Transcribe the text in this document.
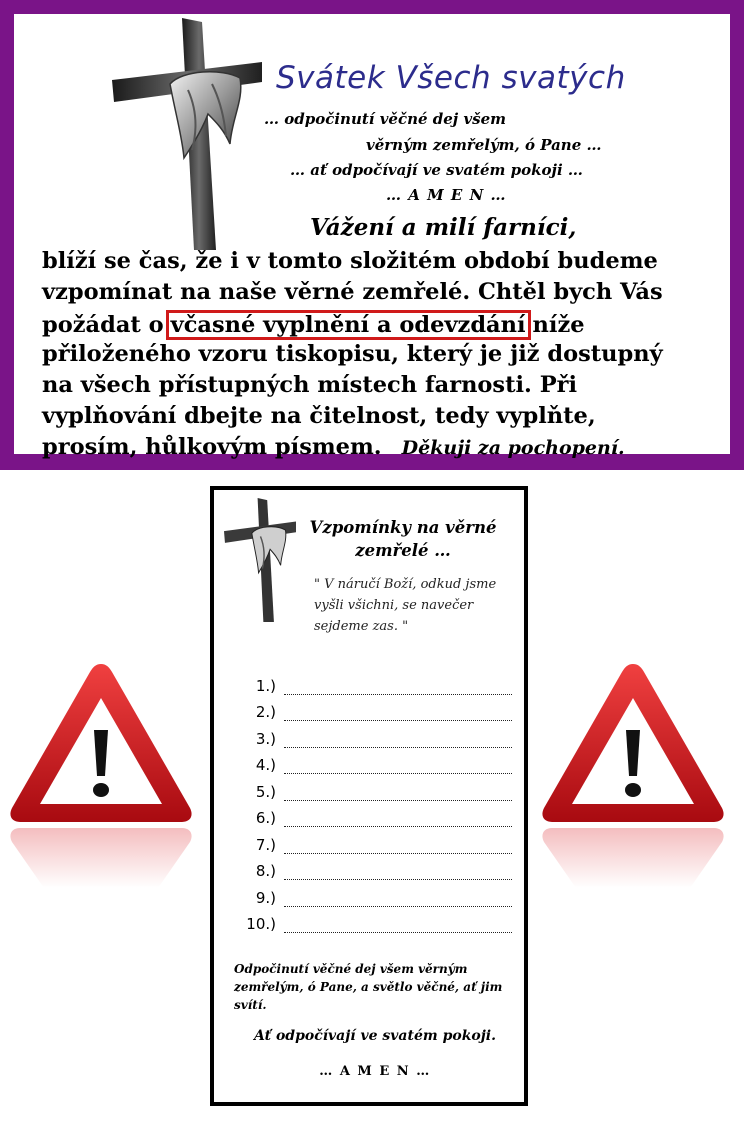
Svátek Všech svatých
… odpočinutí věčné dej všem
věrným zemřelým, ó Pane …
… ať odpočívají ve svatém pokoji …
… A M E N …
Vážení a milí farníci,
blíží se čas, že i v tomto složitém období budeme
vzpomínat na naše věrné zemřelé. Chtěl bych Vás
požádat o včasné vyplnění a odevzdání níže
přiloženého vzoru tiskopisu, který je již dostupný
na všech přístupných místech farnosti. Při
vyplňování dbejte na čitelnost, tedy vyplňte,
prosím, hůlkovým písmem. Děkuji za pochopení.
Vzpomínky na věrné zemřelé …
" V náručí Boží, odkud jsme vyšli všichni, se navečer sejdeme zas. "
1.)
2.)
3.)
4.)
5.)
6.)
7.)
8.)
9.)
10.)
Odpočinutí věčné dej všem věrným zemřelým, ó Pane, a světlo věčné, ať jim svítí.
Ať odpočívají ve svatém pokoji.
… A M E N …
